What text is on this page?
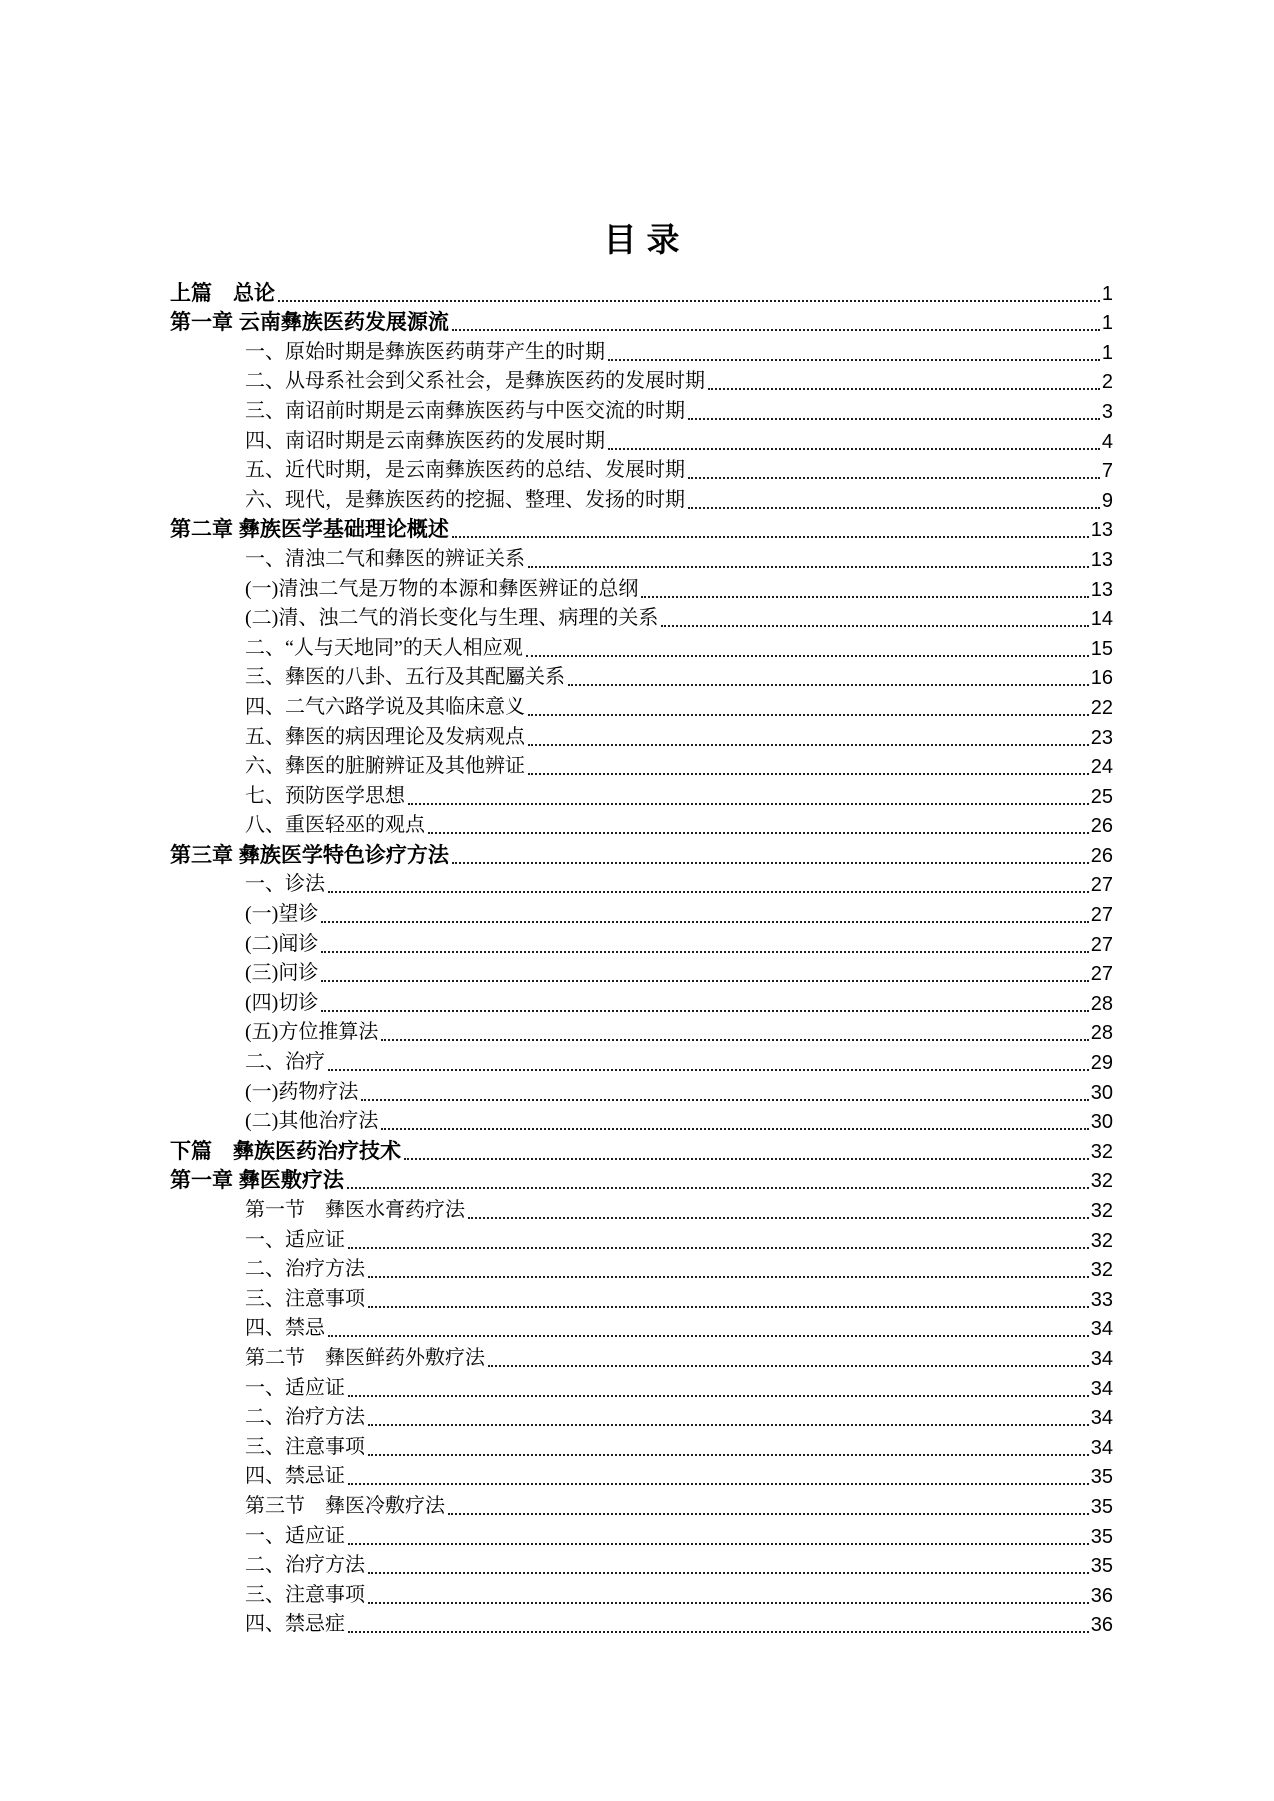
目录
上篇　总论	1
第一章 云南彝族医药发展源流	1
一、原始时期是彝族医药萌芽产生的时期	1
二、从母系社会到父系社会，是彝族医药的发展时期	2
三、南诏前时期是云南彝族医药与中医交流的时期	3
四、南诏时期是云南彝族医药的发展时期	4
五、近代时期，是云南彝族医药的总结、发展时期	7
六、现代，是彝族医药的挖掘、整理、发扬的时期	9
第二章 彝族医学基础理论概述	13
一、清浊二气和彝医的辨证关系	13
(一)清浊二气是万物的本源和彝医辨证的总纲	13
(二)清、浊二气的消长变化与生理、病理的关系	14
二、“人与天地同”的天人相应观	15
三、彝医的八卦、五行及其配屬关系	16
四、二气六路学说及其临床意义	22
五、彝医的病因理论及发病观点	23
六、彝医的脏腑辨证及其他辨证	24
七、预防医学思想	25
八、重医轻巫的观点	26
第三章 彝族医学特色诊疗方法	26
一、诊法	27
(一)望诊	27
(二)闻诊	27
(三)问诊	27
(四)切诊	28
(五)方位推算法	28
二、治疗	29
(一)药物疗法	30
(二)其他治疗法	30
下篇　彝族医药治疗技术	32
第一章 彝医敷疗法	32
第一节　彝医水膏药疗法	32
一、适应证	32
二、治疗方法	32
三、注意事项	33
四、禁忌	34
第二节　彝医鲜药外敷疗法	34
一、适应证	34
二、治疗方法	34
三、注意事项	34
四、禁忌证	35
第三节　彝医冷敷疗法	35
一、适应证	35
二、治疗方法	35
三、注意事项	36
四、禁忌症	36
